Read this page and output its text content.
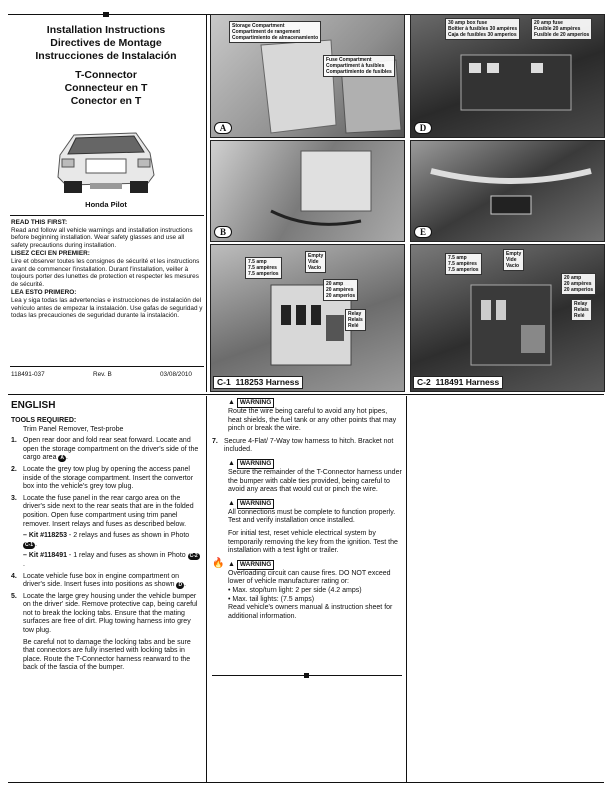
Installation Instructions
Directives de Montage
Instrucciones de Instalación
T-Connector
Connecteur en T
Conector en T
Honda Pilot
READ THIS FIRST:
Read and follow all vehicle warnings and installation instructions before beginning installation. Wear safety glasses and use all safety precautions during installation.
LISEZ CECI EN PREMIER:
Lire et observer toutes les consignes de sécurité et les instructions avant de commencer l'installation. Durant l'installation, veiller à toujours porter des lunettes de protection et respecter les mesures de sécurité.
LEA ESTO PRIMERO:
Lea y siga todas las advertencias e instrucciones de instalación del vehículo antes de empezar la instalación. Use gafas de seguridad y todas las precauciones de seguridad durante la instalación.
118491-037	Rev. B	03/08/2010
Storage Compartment
Compartiment de rangement
Compartimiento de almacenamiento
Fuse Compartment
Compartiment à fusibles
Compartimiento de fusibles
A
30 amp box fuse
Boîtier à fusibles 30 ampères
Caja de fusibles 30 amperios
20 amp fuse
Fusible 20 ampères
Fusible de 20 amperios
D
B	E
7.5 amp
7.5 ampères
7.5 amperios
Empty
Vide
Vacío
20 amp
20 ampères
20 amperios
Relay
Relais
Relé
C-1 118253 Harness
7.5 amp
7.5 ampères
7.5 amperios
Empty
Vide
Vacío
20 amp
20 ampères
20 amperios
Relay
Relais
Relé
C-2 118491 Harness
ENGLISH
TOOLS REQUIRED:
Trim Panel Remover, Test-probe
1. Open rear door and fold rear seat forward. Locate and open the storage compartment on the driver's side of the cargo area A .
2. Locate the grey tow plug by opening the access panel inside of the storage compartment. Insert the convertor box into the vehicle's grey tow plug.
3. Locate the fuse panel in the rear cargo area on the driver's side next to the rear seats that are in the folded position. Open fuse compartment using trim panel remover. Insert relays and fuses as described below.
– Kit #118253 - 2 relays and fuses as shown in Photo C-1 .
– Kit #118491 - 1 relay and fuses as shown in Photo C-2.
4. Locate vehicle fuse box in engine compartment on driver's side. Insert fuses into positions as shown D .
5. Locate the large grey housing under the vehicle bumper on the driver' side. Remove protective cap, being careful not to break the locking tabs. Ensure that the mating surfaces are free of dirt. Plug towing harness into grey tow plug.
Be careful not to damage the locking tabs and be sure that connectors are fully inserted with locking tabs in place. Route the T-Connector harness rearward to the back of the fascia of the bumper.
▲ WARNING
Route the wire being careful to avoid any hot pipes, heat shields, the fuel tank or any other points that may pinch or break the wire.
7. Secure 4-Flat/ 7-Way tow harness to hitch. Bracket not included.
▲ WARNING
Secure the remainder of the T-Connector harness under the bumper with cable ties provided, being careful to avoid any areas that would cut or pinch the wire.
▲ WARNING
All connections must be complete to function properly. Test and verify installation once installed.
For initial test, reset vehicle electrical system by temporarily removing the key from the ignition. Test the installation with a test light or trailer.
🔥 ▲ WARNING
Overloading circuit can cause fires. DO NOT exceed lower of vehicle manufacturer rating or:
• Max. stop/turn light: 2 per side (4.2 amps)
• Max. tail lights: (7.5 amps)
Read vehicle's owners manual & instruction sheet for additional information.
